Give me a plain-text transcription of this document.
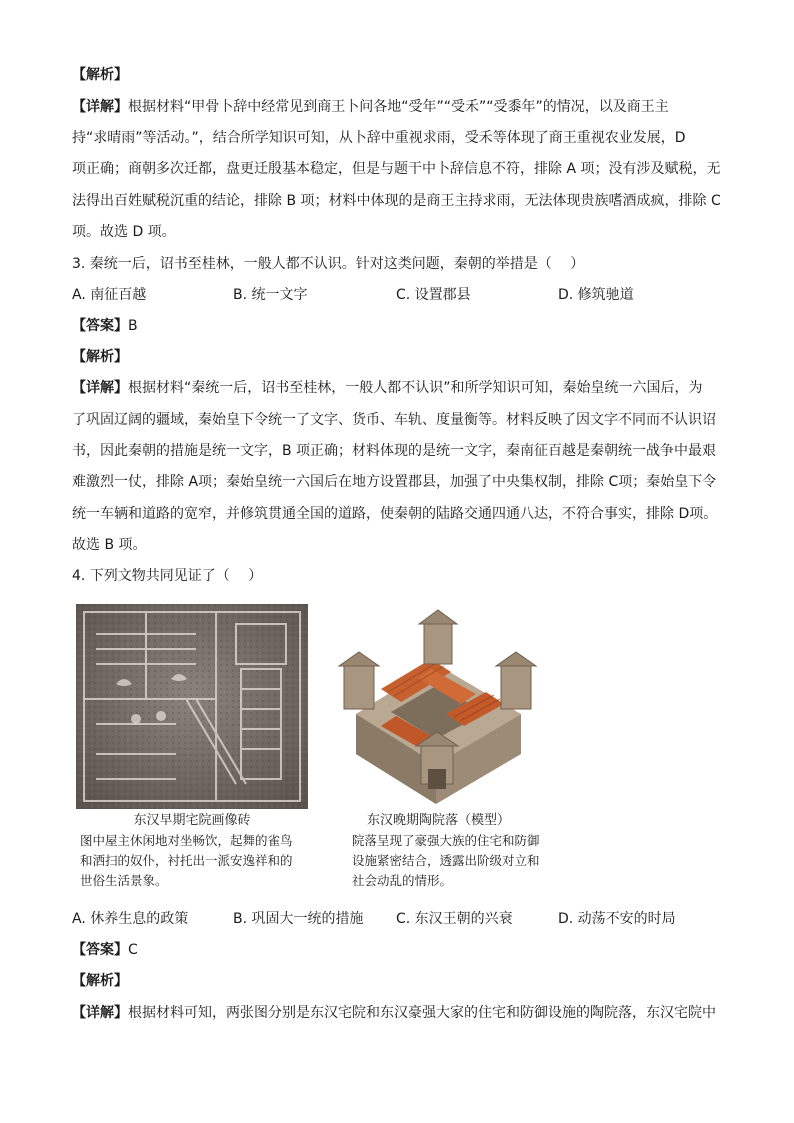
【解析】
【详解】根据材料“甲骨卜辞中经常见到商王卜问各地“受年”“受禾”“受黍年”的情况，以及商王主
持“求晴雨”等活动。”，结合所学知识可知，从卜辞中重视求雨，受禾等体现了商王重视农业发展，D
项正确；商朝多次迁都，盘更迁殷基本稳定，但是与题干中卜辞信息不符，排除 A 项；没有涉及赋税，无
法得出百姓赋税沉重的结论，排除 B 项；材料中体现的是商王主持求雨，无法体现贵族嗜酒成疯，排除 C
项。故选 D 项。
3. 秦统一后，诏书至桂林，一般人都不认识。针对这类问题，秦朝的举措是（　 ）
A. 南征百越	B. 统一文字	C. 设置郡县	D. 修筑驰道
【答案】B
【解析】
【详解】根据材料“秦统一后，诏书至桂林，一般人都不认识”和所学知识可知，秦始皇统一六国后，为
了巩固辽阔的疆域，秦始皇下令统一了文字、货币、车轨、度量衡等。材料反映了因文字不同而不认识诏
书，因此秦朝的措施是统一文字，B 项正确；材料体现的是统一文字，秦南征百越是秦朝统一战争中最艰
难激烈一仗，排除 A项；秦始皇统一六国后在地方设置郡县，加强了中央集权制，排除 C项；秦始皇下令
统一车辆和道路的宽窄，并修筑贯通全国的道路，使秦朝的陆路交通四通八达，不符合事实，排除 D项。
故选 B 项。
4. 下列文物共同见证了（　 ）
东汉早期宅院画像砖
图中屋主休闲地对坐畅饮，起舞的雀鸟
和洒扫的奴仆，衬托出一派安逸祥和的
世俗生活景象。
东汉晚期陶院落（模型）
院落呈现了豪强大族的住宅和防御
设施紧密结合，透露出阶级对立和
社会动乱的情形。
A. 休养生息的政策	B. 巩固大一统的措施 C. 东汉王朝的兴衰	D. 动荡不安的时局
【答案】C
【解析】
【详解】根据材料可知，两张图分别是东汉宅院和东汉豪强大家的住宅和防御设施的陶院落，东汉宅院中
